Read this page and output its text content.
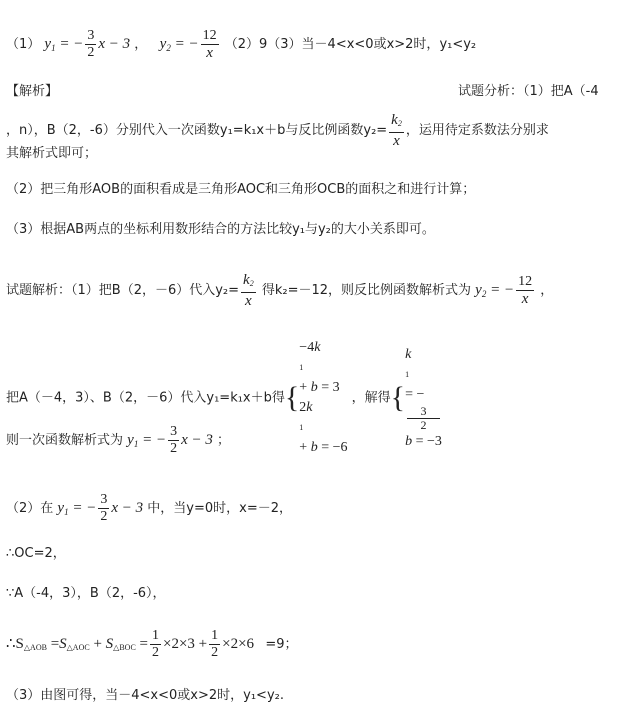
（1） $y_1$ = − $\frac{3}{2}$ x − 3 ，   $y_2$ = − $\frac{12}{x} (2)9(3)$当－4<x<0或x>2时，y₁<y₂
【解析】	试题分析：（1）把A（-4
，n），B（2，-6）分别代入一次函数y₁=k₁x＋b与反比例函数$y_2= \frac{k2}{x}$ ，运用待定系数法分别求
其解析式即可；
（2）把三角形AOB的面积看成是三角形AOC和三角形OCB的面积之和进行计算；
（3）根据AB两点的坐标利用数形结合的方法比较y₁与y₂的大小关系即可。
试题解析：（1）把B（2，－6）代入$y_2= \frac{k2}{x}$ 得k₂=－12，则反比例函数解析式为 $y_2$ = − $\frac{12}{x}$ ，
把A（－4，3）、B（2，－6）代入y₁=k₁x＋b得{
−4k
1
+ b = 3
2k
1
+ b = −6
，解得{
k
1
= −
3
2
b = −3
则一次函数解析式为 $y_1$ = − $\frac{3}{2}$ x − 3 ；
（2）在 $y_1$ = − $\frac{3}{2}$ x − 3 中，当y=0时，x=－2，
∴OC=2，
∵A（-4，3），B（2，-6），
∴S△AOB =S△AOC + S△BOC = $\frac{1}{2} \times 2\times 3 + \frac{1}{2} \times 2\times 6 =9$；
（3）由图可得，当－4<x<0或x>2时，y₁<y₂.
